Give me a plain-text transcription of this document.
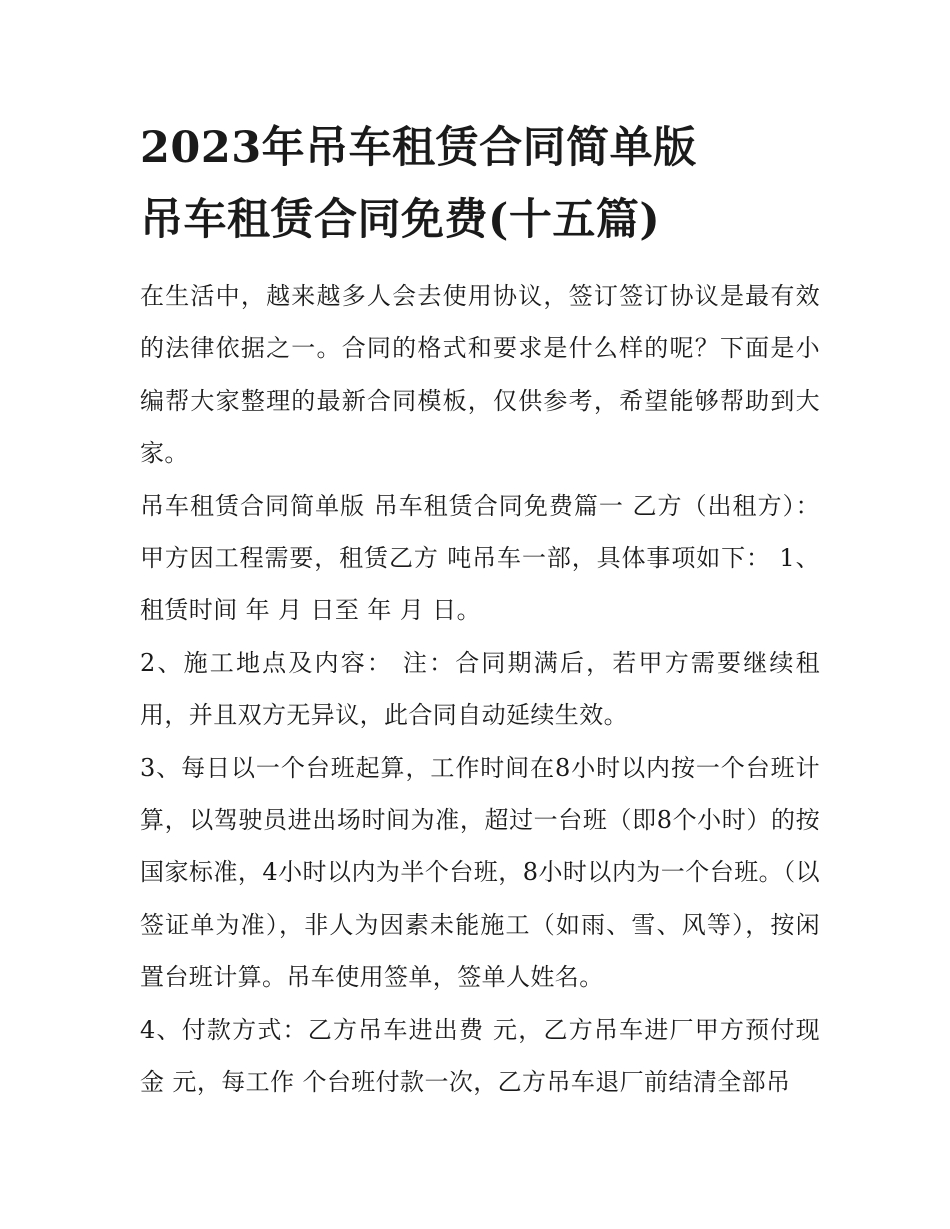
2023年吊车租赁合同简单版
吊车租赁合同免费(十五篇)

在生活中，越来越多人会去使用协议，签订签订协议是最有效的法律依据之一。合同的格式和要求是什么样的呢？下面是小编帮大家整理的最新合同模板，仅供参考，希望能够帮助到大家。

吊车租赁合同简单版 吊车租赁合同免费篇一 乙方（出租方）： 甲方因工程需要，租赁乙方 吨吊车一部，具体事项如下： 1、租赁时间 年 月 日至 年 月 日。

2、施工地点及内容： 注：合同期满后，若甲方需要继续租用，并且双方无异议，此合同自动延续生效。

3、每日以一个台班起算，工作时间在8小时以内按一个台班计算，以驾驶员进出场时间为准，超过一台班（即8个小时）的按国家标准，4小时以内为半个台班，8小时以内为一个台班。（以签证单为准），非人为因素未能施工（如雨、雪、风等），按闲置台班计算。吊车使用签单，签单人姓名。

4、付款方式：乙方吊车进出费 元，乙方吊车进厂甲方预付现金 元，每工作 个台班付款一次，乙方吊车退厂前结清全部吊
